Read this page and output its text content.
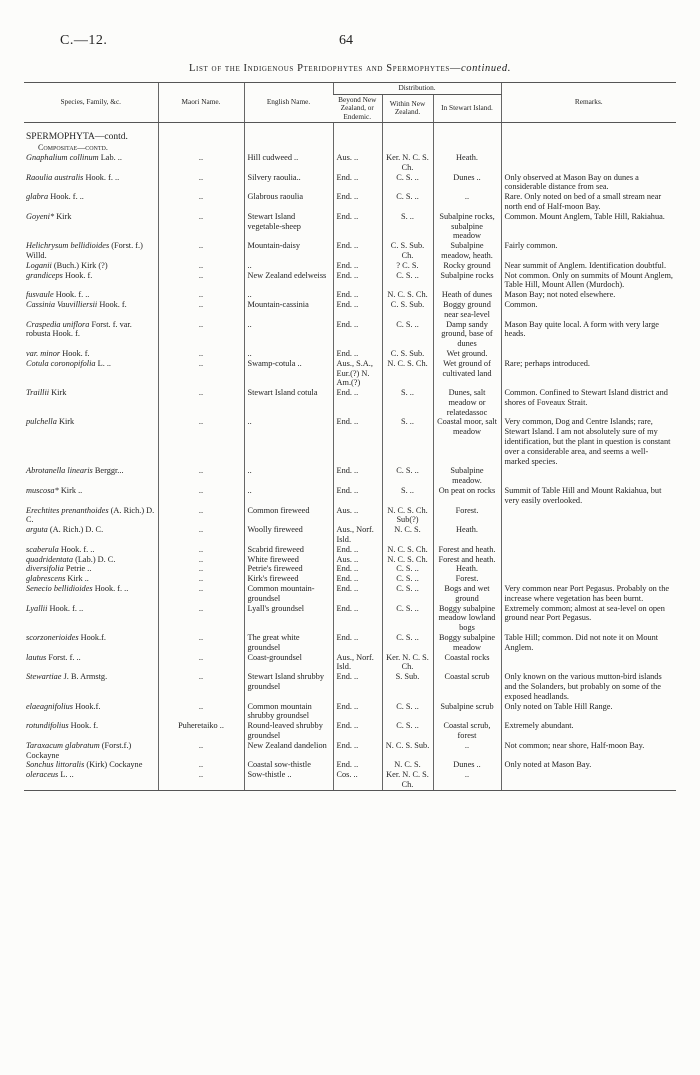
C.—12.	64
List of the Indigenous Pteridophytes and Spermophytes—continued.
Species, Family, &c.	Maori Name.	English Name.	Distribution.			Remarks.
			Beyond New Zealand, or Endemic.	Within New Zealand.	In Stewart Island.	
SPERMOPHYTA—contd.						
Compositae—contd.						
Gnaphalium collinum Lab. ..	..	Hill cudweed ..	Aus. ..	Ker. N. C. S. Ch.	Heath.	
Raoulia australis Hook. f. ..	..	Silvery raoulia..	End. ..	C. S. ..	Dunes ..	Only observed at Mason Bay on dunes a considerable distance from sea.
glabra Hook. f. ..	..	Glabrous raoulia	End. ..	C. S. ..	..	Rare. Only noted on bed of a small stream near north end of Half-moon Bay.
Goyeni* Kirk	..	Stewart Island vegetable-sheep	End. ..	S. ..	Subalpine rocks, subalpine meadow	Common. Mount Anglem, Table Hill, Rakiahua.
Helichrysum bellidioides (Forst. f.) Willd.	..	Mountain-daisy	End. ..	C. S. Sub. Ch.	Subalpine meadow, heath.	Fairly common.
Loganii (Buch.) Kirk (?)	..	..	End. ..	? C. S.	Rocky ground	Near summit of Anglem. Identification doubtful.
grandiceps Hook. f.	..	New Zealand edelweiss	End. ..	C. S. ..	Subalpine rocks	Not common. Only on summits of Mount Anglem, Table Hill, Mount Allen (Murdoch).
fusvaule Hook. f. ..	..	..	End. ..	N. C. S. Ch.	Heath of dunes	Mason Bay; not noted elsewhere.
Cassinia Vauvilliersii Hook. f.	..	Mountain-cassinia	End. ..	C. S. Sub.	Boggy ground near sea-level	Common.
Craspedia uniflora Forst. f. var. robusta Hook. f.	..	..	End. ..	C. S. ..	Damp sandy ground, base of dunes	Mason Bay quite local. A form with very large heads.
var. minor Hook. f.	..	..	End. ..	C. S. Sub.	Wet ground.	
Cotula coronopifolia L. ..	..	Swamp-cotula ..	Aus., S.A., Eur.(?) N. Am.(?)	N. C. S. Ch.	Wet ground of cultivated land	Rare; perhaps introduced.
Traillii Kirk	..	Stewart Island cotula	End. ..	S. ..	Dunes, salt meadow or relatedassoc	Common. Confined to Stewart Island district and shores of Foveaux Strait.
pulchella Kirk	..	..	End. ..	S. ..	Coastal moor, salt meadow	Very common, Dog and Centre Islands; rare, Stewart Island. I am not absolutely sure of my identification, but the plant in question is constant over a considerable area, and seems a well-marked species.
Abrotanella linearis Berggr...	..	..	End. ..	C. S. ..	Subalpine meadow.	
muscosa* Kirk ..	..	..	End. ..	S. ..	On peat on rocks	Summit of Table Hill and Mount Rakiahua, but very easily overlooked.
Erechtites prenanthoides (A. Rich.) D. C.	..	Common fireweed	Aus. ..	N. C. S. Ch. Sub(?)	Forest.	
arguta (A. Rich.) D. C.	..	Woolly fireweed	Aus., Norf. Isld.	N. C. S.	Heath.	
scaberula Hook. f. ..	..	Scabrid fireweed	End. ..	N. C. S. Ch.	Forest and heath.	
quadridentata (Lab.) D. C.	..	White fireweed	Aus. ..	N. C. S. Ch.	Forest and heath.	
diversifolia Petrie ..	..	Petrie's fireweed	End. ..	C. S. ..	Heath.	
glabrescens Kirk ..	..	Kirk's fireweed	End. ..	C. S. ..	Forest.	
Senecio bellidioides Hook. f. ..	..	Common mountain-groundsel	End. ..	C. S. ..	Bogs and wet ground	Very common near Port Pegasus. Probably on the increase where vegetation has been burnt.
Lyallii Hook. f. ..	..	Lyall's groundsel	End. ..	C. S. ..	Boggy subalpine meadow lowland bogs	Extremely common; almost at sea-level on open ground near Port Pegasus.
scorzonerioides Hook.f.	..	The great white groundsel	End. ..	C. S. ..	Boggy subalpine meadow	Table Hill; common. Did not note it on Mount Anglem.
lautus Forst. f. ..	..	Coast-groundsel	Aus., Norf. Isld.	Ker. N. C. S. Ch.	Coastal rocks	
Stewartiae J. B. Armstg.	..	Stewart Island shrubby groundsel	End. ..	S. Sub.	Coastal scrub	Only known on the various mutton-bird islands and the Solanders, but probably on some of the exposed headlands.
elaeagnifolius Hook.f.	..	Common mountain shrubby groundsel	End. ..	C. S. ..	Subalpine scrub	Only noted on Table Hill Range.
rotundifolius Hook. f.	Puheretaiko ..	Round-leaved shrubby groundsel	End. ..	C. S. ..	Coastal scrub, forest	Extremely abundant.
Taraxacum glabratum (Forst.f.) Cockayne	..	New Zealand dandelion	End. ..	N. C. S. Sub.	..	Not common; near shore, Half-moon Bay.
Sonchus littoralis (Kirk) Cockayne	..	Coastal sow-thistle	End. ..	N. C. S.	Dunes ..	Only noted at Mason Bay.
oleraceus L. ..	..	Sow-thistle ..	Cos. ..	Ker. N. C. S. Ch.	..	
